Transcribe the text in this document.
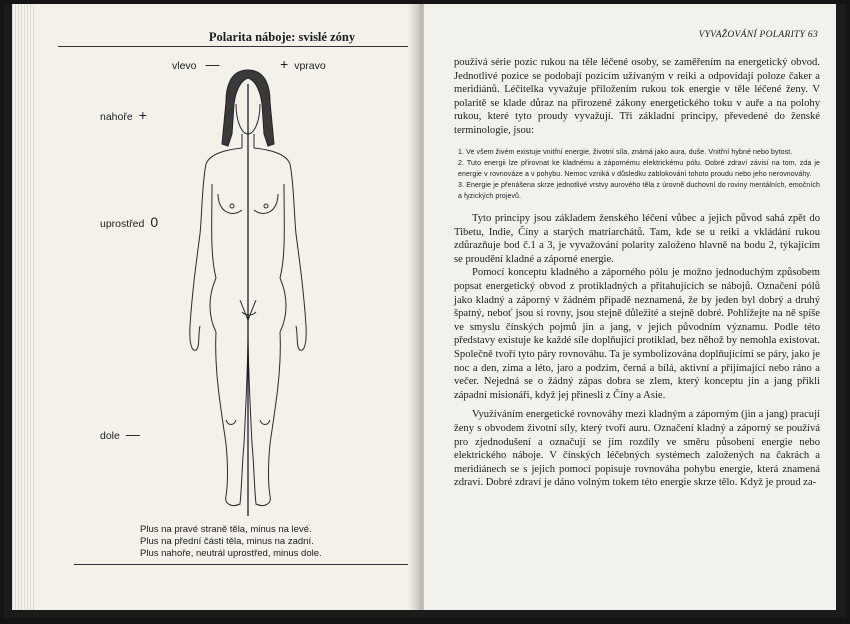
Polarita náboje: svislé zóny
vlevo —	+ vpravo
nahoře +
uprostřed 0
dole —
Plus na pravé straně těla, minus na levé.
Plus na přední části těla, minus na zadní.
Plus nahoře, neutrál uprostřed, minus dole.
VYVAŽOVÁNÍ POLARITY 63

používá série pozic rukou na těle léčené osoby, se zaměřením na energetický obvod. Jednotlivé pozice se podobají pozicím užívaným v reiki a odpovídají poloze čaker a meridiánů. Léčitelka vyvažuje přiložením rukou tok energie v těle léčené ženy. V polaritě se klade důraz na přirozené zákony energetického toku v auře a na polohy rukou, které tyto proudy vyvažují. Tři základní principy, převedené do ženské terminologie, jsou:

1. Ve všem živém existuje vnitřní energie, životní síla, známá jako aura, duše. Vnitřní hybné nebo bytost.
2. Tuto energii lze přirovnat ke kladnému a zápornému elektrickému pólu. Dobré zdraví závisí na tom, zda je energie v rovnováze a v pohybu. Nemoc vzniká v důsledku zablokování tohoto proudu nebo jeho nerovnováhy.
3. Energie je přenášena skrze jednotlivé vrstvy aurového těla z úrovně duchovní do roviny mentálních, emočních a fyzických projevů.

Tyto principy jsou základem ženského léčení vůbec a jejich původ sahá zpět do Tibetu, Indie, Číny a starých matriarchátů. Tam, kde se u reiki a vkládání rukou zdůrazňuje bod č.1 a 3, je vyvažování polarity založeno hlavně na bodu 2, týkajícím se proudění kladné a záporné energie.

Pomocí konceptu kladného a záporného pólu je možno jednoduchým způsobem popsat energetický obvod z protikladných a přitahujících se nábojů. Označení pólů jako kladný a záporný v žádném případě neznamená, že by jeden byl dobrý a druhý špatný, neboť jsou si rovny, jsou stejně důležité a stejně dobré. Pohlížejte na ně spíše ve smyslu čínských pojmů jin a jang, v jejich původním významu. Podle této představy existuje ke každé síle doplňující protiklad, bez něhož by nemohla existovat. Společně tvoří tyto páry rovnováhu. Ta je symbolizována doplňujícími se páry, jako je noc a den, zima a léto, jaro a podzim, černá a bílá, aktivní a přijímající nebo ráno a večer. Nejedná se o žádný zápas dobra se zlem, který konceptu jin a jang přikli západní misionáři, když jej přinesli z Číny a Asie.

Využíváním energetické rovnováhy mezi kladným a záporným (jin a jang) pracují ženy s obvodem životní síly, který tvoří auru. Označení kladný a záporný se používá pro zjednodušení a označují se jím rozdíly ve směru působení energie nebo elektrického náboje. V čínských léčebných systémech založených na čakrách a meridiánech se s jejich pomocí popisuje rovnováha pohybu energie, která znamená zdraví. Dobré zdraví je dáno volným tokem této energie skrze tělo. Když je proud za-
